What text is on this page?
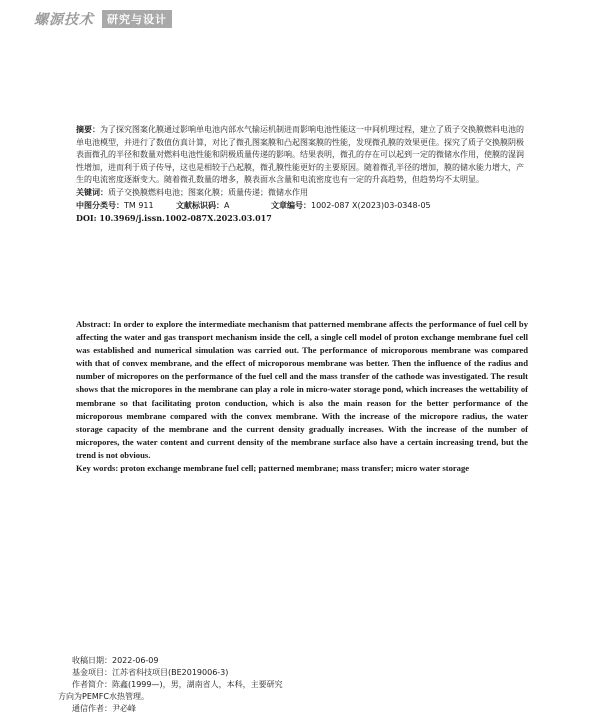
螺源技术	研究与设计

摘要：为了探究图案化膜通过影响单电池内部水气输运机制进而影响电池性能这一中间机理过程，建立了质子交换膜燃料电池的单电池模型，并进行了数值仿真计算，对比了微孔图案膜和凸起图案膜的性能，发现微孔膜的效果更佳。探究了质子交换膜阴极表面微孔的半径和数量对燃料电池性能和阴极质量传递的影响。结果表明，微孔的存在可以起到一定的微储水作用，使膜的湿润性增加，进而利于质子传导，这也是相较于凸起膜，微孔膜性能更好的主要原因。随着微孔半径的增加，膜的储水能力增大，产生的电流密度逐渐变大。随着微孔数量的增多，膜表面水含量和电流密度也有一定的升高趋势，但趋势均不太明显。

关键词：质子交换膜燃料电池；图案化膜；质量传递；微储水作用

中图分类号：TM 911	文献标识码：A	文章编号：1002-087 X(2023)03-0348-05

DOI: 10.3969/j.issn.1002-087X.2023.03.017

Abstract: In order to explore the intermediate mechanism that patterned membrane affects the performance of fuel cell by affecting the water and gas transport mechanism inside the cell, a single cell model of proton exchange membrane fuel cell was established and numerical simulation was carried out. The performance of microporous membrane was compared with that of convex membrane, and the effect of microporous membrane was better. Then the influence of the radius and number of micropores on the performance of the fuel cell and the mass transfer of the cathode was investigated. The result shows that the micropores in the membrane can play a role in micro-water storage pond, which increases the wettability of membrane so that facilitating proton conduction, which is also the main reason for the better performance of the microporous membrane compared with the convex membrane. With the increase of the micropore radius, the water storage capacity of the membrane and the current density gradually increases. With the increase of the number of micropores, the water content and current density of the membrane surface also have a certain increasing trend, but the trend is not obvious.

Key words: proton exchange membrane fuel cell; patterned membrane; mass transfer; micro water storage

收稿日期：2022-06-09

基金项目：江苏省科技项目(BE2019006-3)

作者简介：陈鑫(1999—)，男，湖南省人，本科，主要研究

方向为PEMFC水热管理。

通信作者：尹必峰
